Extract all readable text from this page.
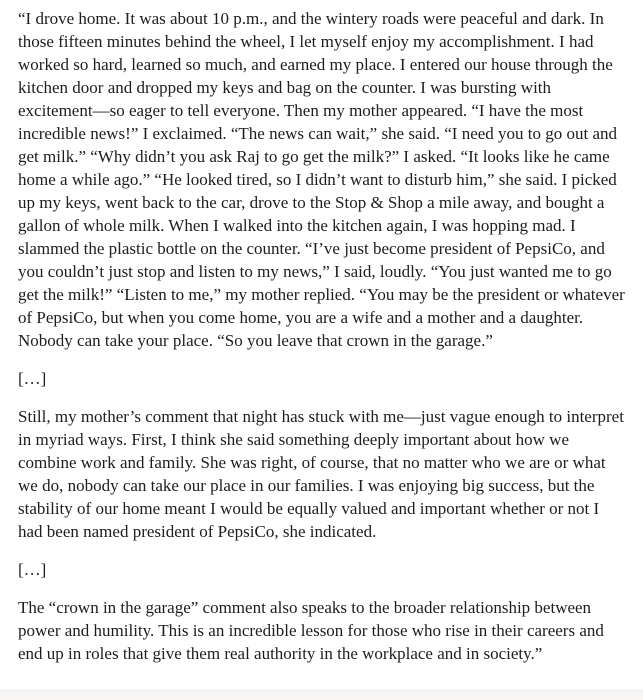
“I drove home. It was about 10 p.m., and the wintery roads were peaceful and dark. In those fifteen minutes behind the wheel, I let myself enjoy my accomplishment. I had worked so hard, learned so much, and earned my place. I entered our house through the kitchen door and dropped my keys and bag on the counter. I was bursting with excitement—so eager to tell everyone. Then my mother appeared. “I have the most incredible news!” I exclaimed. “The news can wait,” she said. “I need you to go out and get milk.” “Why didn’t you ask Raj to go get the milk?” I asked. “It looks like he came home a while ago.” “He looked tired, so I didn’t want to disturb him,” she said. I picked up my keys, went back to the car, drove to the Stop & Shop a mile away, and bought a gallon of whole milk. When I walked into the kitchen again, I was hopping mad. I slammed the plastic bottle on the counter. “I’ve just become president of PepsiCo, and you couldn’t just stop and listen to my news,” I said, loudly. “You just wanted me to go get the milk!” “Listen to me,” my mother replied. “You may be the president or whatever of PepsiCo, but when you come home, you are a wife and a mother and a daughter. Nobody can take your place. “So you leave that crown in the garage.”

[…]

Still, my mother’s comment that night has stuck with me—just vague enough to interpret in myriad ways. First, I think she said something deeply important about how we combine work and family. She was right, of course, that no matter who we are or what we do, nobody can take our place in our families. I was enjoying big success, but the stability of our home meant I would be equally valued and important whether or not I had been named president of PepsiCo, she indicated.

[…]

The “crown in the garage” comment also speaks to the broader relationship between power and humility. This is an incredible lesson for those who rise in their careers and end up in roles that give them real authority in the workplace and in society.”
